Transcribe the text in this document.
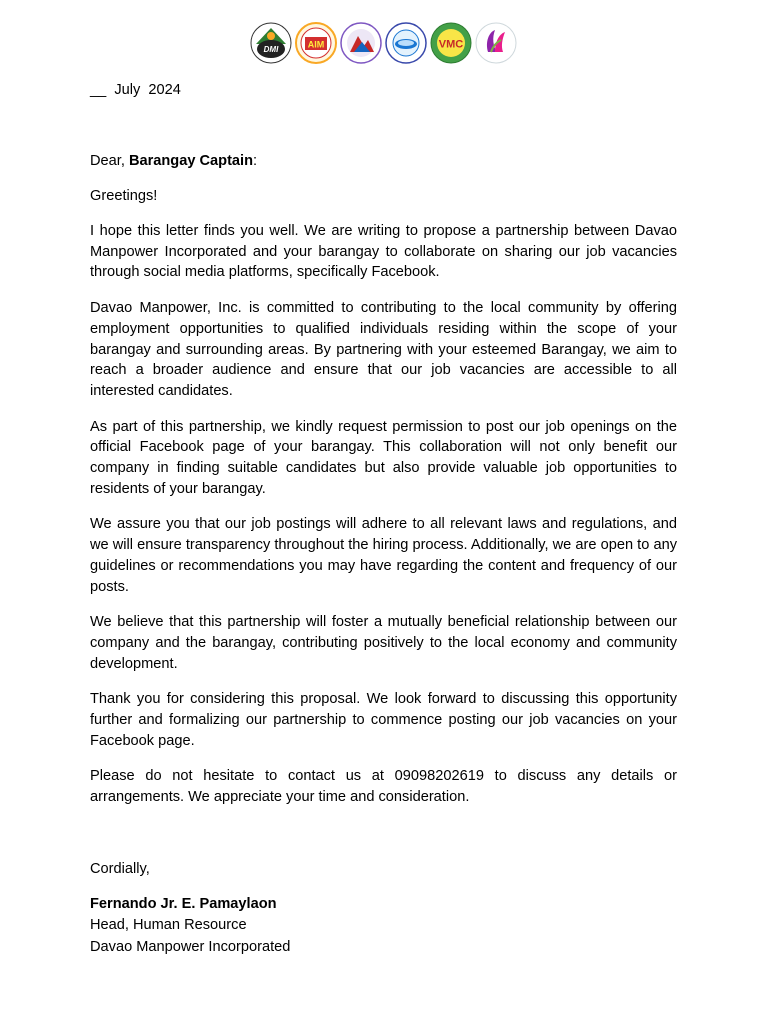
DMI	AIM	VMC
__  July  2024
Dear, Barangay Captain:
Greetings!

I hope this letter finds you well. We are writing to propose a partnership between Davao Manpower Incorporated and your barangay to collaborate on sharing our job vacancies through social media platforms, specifically Facebook.

Davao Manpower, Inc. is committed to contributing to the local community by offering employment opportunities to qualified individuals residing within the scope of your barangay and surrounding areas. By partnering with your esteemed Barangay, we aim to reach a broader audience and ensure that our job vacancies are accessible to all interested candidates.

As part of this partnership, we kindly request permission to post our job openings on the official Facebook page of your barangay. This collaboration will not only benefit our company in finding suitable candidates but also provide valuable job opportunities to residents of your barangay.

We assure you that our job postings will adhere to all relevant laws and regulations, and we will ensure transparency throughout the hiring process. Additionally, we are open to any guidelines or recommendations you may have regarding the content and frequency of our posts.

We believe that this partnership will foster a mutually beneficial relationship between our company and the barangay, contributing positively to the local economy and community development.

Thank you for considering this proposal. We look forward to discussing this opportunity further and formalizing our partnership to commence posting our job vacancies on your Facebook page.

Please do not hesitate to contact us at 09098202619 to discuss any details or arrangements. We appreciate your time and consideration.

Cordially,

Fernando Jr. E. Pamaylaon

Head, Human Resource

Davao Manpower Incorporated
